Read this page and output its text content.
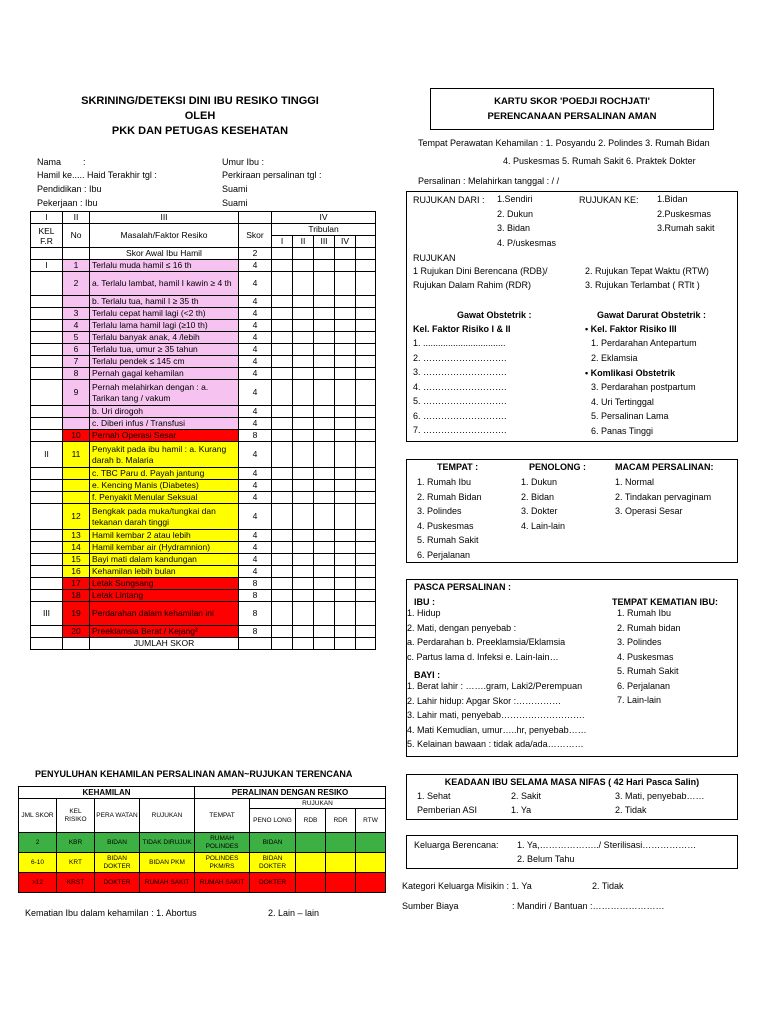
SKRINING/DETEKSI DINI IBU RESIKO TINGGI
OLEH
PKK DAN PETUGAS KESEHATAN
Nama :	Umur Ibu :
Hamil ke..... Haid Terakhir tgl :	Perkiraan persalinan tgl :
Pendidikan : Ibu	Suami
Pekerjaan : Ibu	Suami
I	II	III		IV				
KEL F.R	No	Masalah/Faktor Resiko	Skor	Tribulan				
				I	II	III	IV	
		Skor Awal Ibu Hamil	2					
I	1	Terlalu muda hamil ≤ 16 th	4					
	2	a. Terlalu lambat, hamil I kawin ≥ 4 th	4					
		b. Terlalu tua, hamil I ≥ 35 th	4					
	3	Terlalu cepat hamil lagi (<2 th)	4					
	4	Terlalu lama hamil lagi (≥10 th)	4					
	5	Terlalu banyak anak, 4 /lebih	4					
	6	Terlalu tua, umur ≥ 35 tahun	4					
	7	Terlalu pendek ≤ 145 cm	4					
	8	Pernah gagal kehamilan	4					
	9	Pernah melahirkan dengan : a. Tarikan tang / vakum	4					
		b. Uri dirogoh	4					
		c. Diberi infus / Transfusi	4					
	10	Pernah Operasi Sesar	8					
II	11	Penyakit pada ibu hamil : a. Kurang darah b. Malaria	4					
		c. TBC Paru d. Payah jantung	4					
		e. Kencing Manis (Diabetes)	4					
		f. Penyakit Menular Seksual	4					
	12	Bengkak pada muka/tungkai dan tekanan darah tinggi	4					
	13	Hamil kembar 2 atau lebih	4					
	14	Hamil kembar air (Hydramnion)	4					
	15	Bayi mati dalam kandungan	4					
	16	Kehamilan lebih bulan	4					
	17	Letak Sungsang	8					
	18	Letak Lintang	8					
III	19	Perdarahan dalam kehamilan ini	8					
	20	Preeklamsia Berat / Kejang²	8					
		JUMLAH SKOR						
PENYULUHAN KEHAMILAN PERSALINAN AMAN~RUJUKAN TERENCANA
KEHAMILAN				PERALINAN DENGAN RESIKO				
JML SKOR	KEL RISIKO	PERA WATAN	RUJUKAN	TEMPAT	RUJUKAN			
					PENO LONG	RDB	RDR	RTW
2	KBR	BIDAN	TIDAK DIRUJUK	RUMAH POLINDES	BIDAN			
6-10	KRT	BIDAN DOKTER	BIDAN PKM	POLINDES PKM/RS	BIDAN DOKTER			
>12	KRST	DOKTER	RUMAH SAKIT	RUMAH SAKIT	DOKTER			
Kematian Ibu dalam kehamilan : 1. Abortus	2. Lain – lain
KARTU SKOR 'POEDJI ROCHJATI'
PERENCANAAN PERSALINAN AMAN
Tempat Perawatan Kehamilan : 1. Posyandu 2. Polindes 3. Rumah Bidan
4. Puskesmas 5. Rumah Sakit 6. Praktek Dokter
Persalinan : Melahirkan tanggal : / /
RUJUKAN DARI : 1.Sendiri
2. Dukun
3. Bidan
4. P/uskesmas
RUJUKAN KE: 1.Bidan
2.Puskesmas
3.Rumah sakit
RUJUKAN
1 Rujukan Dini Berencana (RDB)/
Rujukan Dalam Rahim (RDR)
2. Rujukan Tepat Waktu (RTW)
3. Rujukan Terlambat ( RTlt )
Gawat Obstetrik :
Kel. Faktor Risiko I & II
1. .................................
2. ……………………….
3. ……………………….
4. ……………………….
5. ……………………….
6. ……………………….
7. ……………………….
Gawat Darurat Obstetrik :
• Kel. Faktor Risiko III
1. Perdarahan Antepartum
2. Eklamsia
• Komlikasi Obstetrik
3. Perdarahan postpartum
4. Uri Tertinggal
5. Persalinan Lama
6. Panas Tinggi
TEMPAT :
1. Rumah Ibu
2. Rumah Bidan
3. Polindes
4. Puskesmas
5. Rumah Sakit
6. Perjalanan
PENOLONG :
1. Dukun
2. Bidan
3. Dokter
4. Lain-lain
MACAM PERSALINAN:
1. Normal
2. Tindakan pervaginam
3. Operasi Sesar
PASCA PERSALINAN :
IBU :
1. Hidup
2. Mati, dengan penyebab :
a. Perdarahan b. Preeklamsia/Eklamsia
c. Partus lama d. Infeksi e. Lain-lain…
BAYI :
1. Berat lahir : …….gram, Laki2/Perempuan
2. Lahir hidup: Apgar Skor :……………
3. Lahir mati, penyebab……………………….
4. Mati Kemudian, umur…..hr, penyebab……
5. Kelainan bawaan : tidak ada/ada…………
TEMPAT KEMATIAN IBU:
1. Rumah Ibu
2. Rumah bidan
3. Polindes
4. Puskesmas
5. Rumah Sakit
6. Perjalanan
7. Lain-lain
KEADAAN IBU SELAMA MASA NIFAS ( 42 Hari Pasca Salin)
1. Sehat	2. Sakit	3. Mati, penyebab……
Pemberian ASI	1. Ya	2. Tidak
Keluarga Berencana: 1. Ya,………………../ Sterilisasi………………
2. Belum Tahu
Kategori Keluarga Misikin : 1. Ya	2. Tidak
Sumber Biaya	: Mandiri / Bantuan :……………………
